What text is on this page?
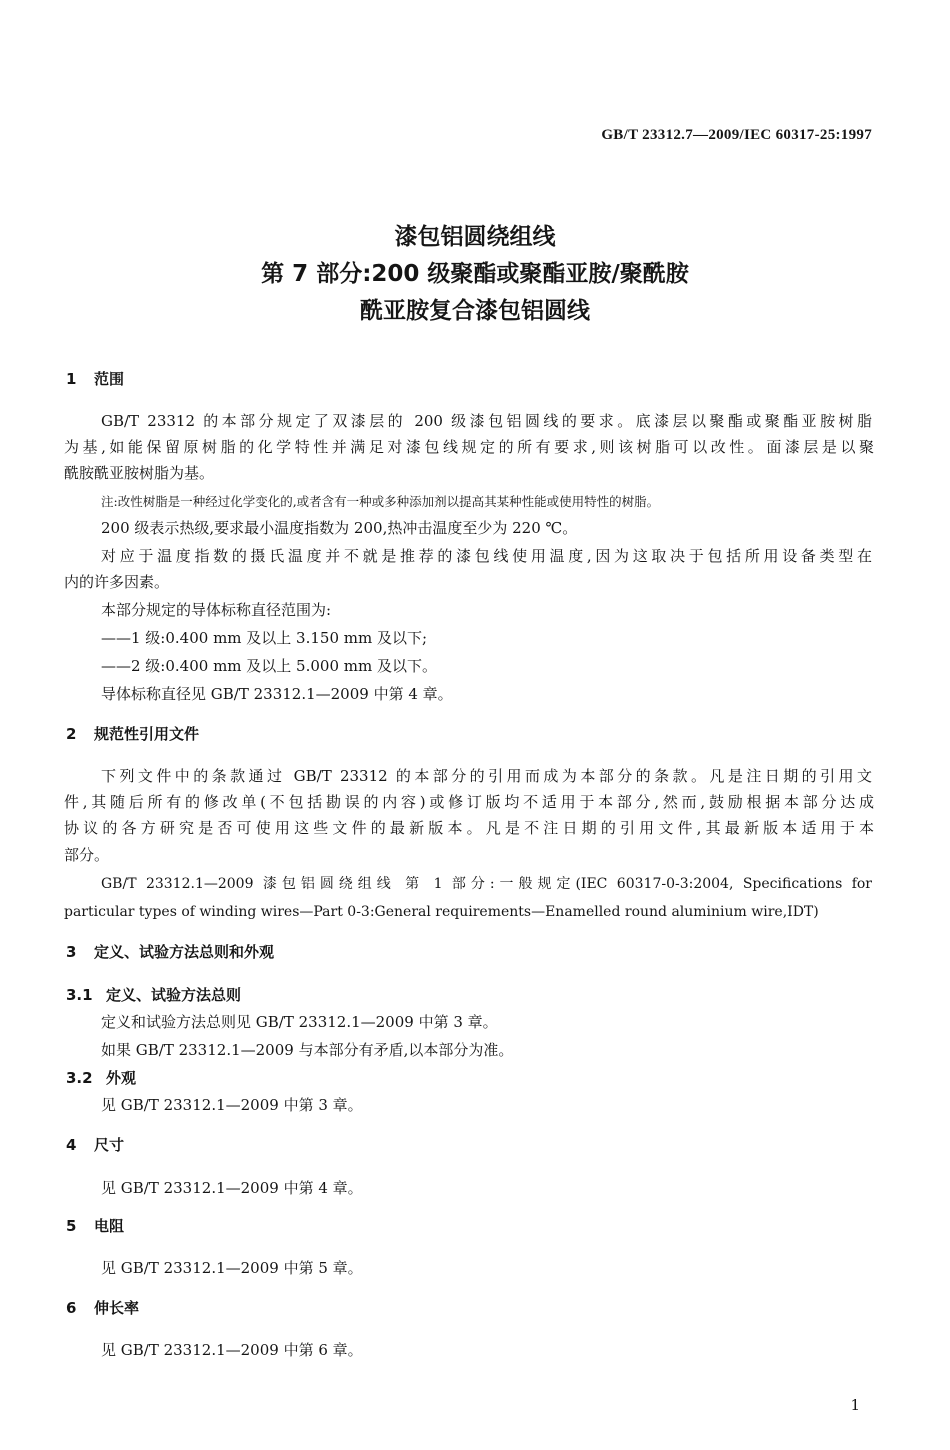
GB/T 23312.7—2009/IEC 60317-25:1997
漆包铝圆绕组线
第 7 部分:200 级聚酯或聚酯亚胺/聚酰胺
酰亚胺复合漆包铝圆线
1 范围
GB/T 23312 的本部分规定了双漆层的 200 级漆包铝圆线的要求。底漆层以聚酯或聚酯亚胺树脂
为基,如能保留原树脂的化学特性并满足对漆包线规定的所有要求,则该树脂可以改性。面漆层是以聚
酰胺酰亚胺树脂为基。
注:改性树脂是一种经过化学变化的,或者含有一种或多种添加剂以提高其某种性能或使用特性的树脂。
200 级表示热级,要求最小温度指数为 200,热冲击温度至少为 220 ℃。
对应于温度指数的摄氏温度并不就是推荐的漆包线使用温度,因为这取决于包括所用设备类型在
内的许多因素。
本部分规定的导体标称直径范围为:
——1 级:0.400 mm 及以上 3.150 mm 及以下;
——2 级:0.400 mm 及以上 5.000 mm 及以下。
导体标称直径见 GB/T 23312.1—2009 中第 4 章。
2 规范性引用文件
下列文件中的条款通过 GB/T 23312 的本部分的引用而成为本部分的条款。凡是注日期的引用文
件,其随后所有的修改单(不包括勘误的内容)或修订版均不适用于本部分,然而,鼓励根据本部分达成
协议的各方研究是否可使用这些文件的最新版本。凡是不注日期的引用文件,其最新版本适用于本
部分。
GB/T 23312.1—2009 漆包铝圆绕组线 第 1 部分:一般规定(IEC 60317-0-3:2004, Specifications for
particular types of winding wires—Part 0-3:General requirements—Enamelled round aluminium wire,IDT)
3 定义、试验方法总则和外观
3.1 定义、试验方法总则
定义和试验方法总则见 GB/T 23312.1—2009 中第 3 章。
如果 GB/T 23312.1—2009 与本部分有矛盾,以本部分为准。
3.2 外观
见 GB/T 23312.1—2009 中第 3 章。
4 尺寸
见 GB/T 23312.1—2009 中第 4 章。
5 电阻
见 GB/T 23312.1—2009 中第 5 章。
6 伸长率
见 GB/T 23312.1—2009 中第 6 章。
1
